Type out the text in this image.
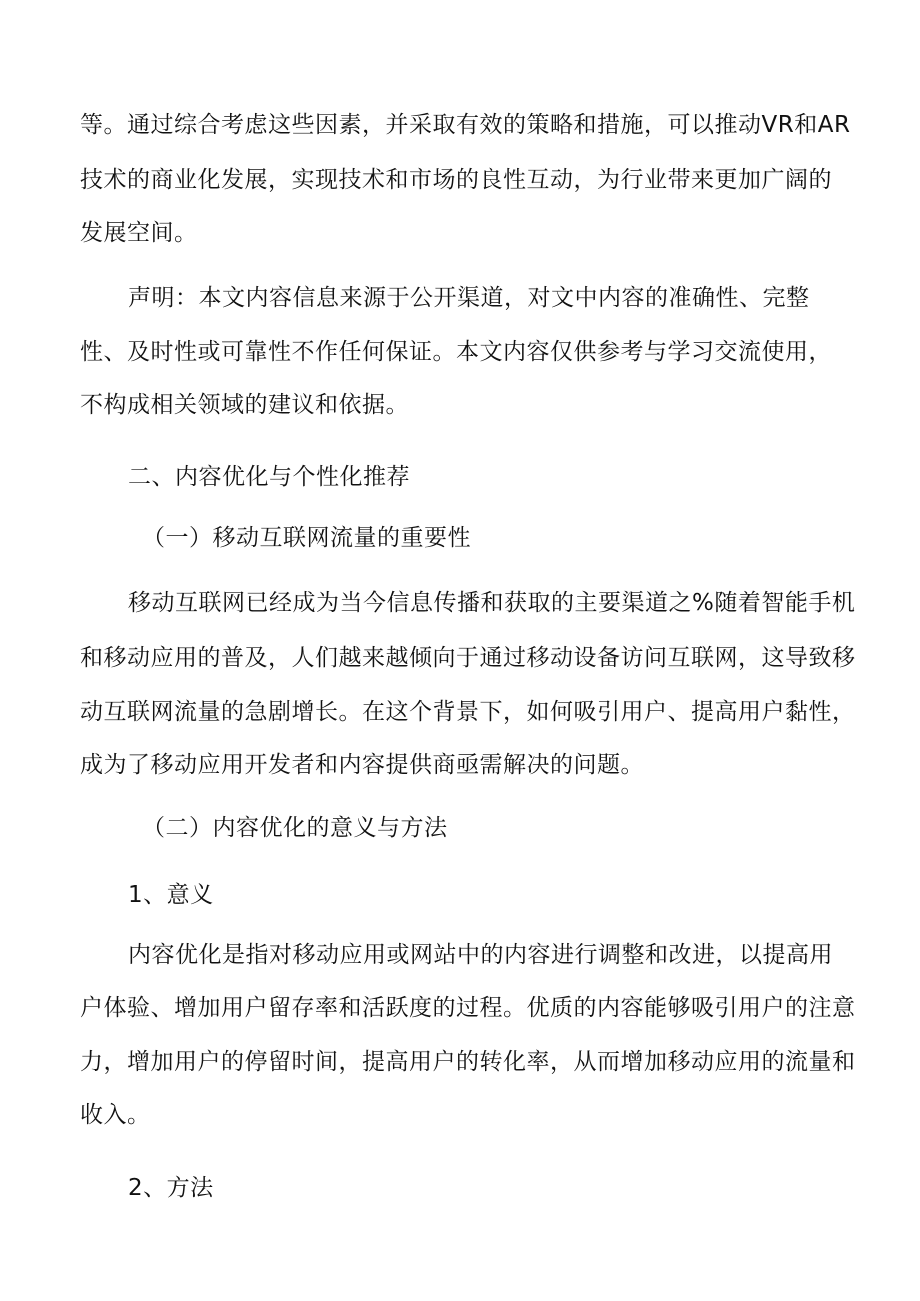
等。通过综合考虑这些因素，并采取有效的策略和措施，可以推动VR和AR
技术的商业化发展，实现技术和市场的良性互动，为行业带来更加广阔的
发展空间。
声明：本文内容信息来源于公开渠道，对文中内容的准确性、完整
性、及时性或可靠性不作任何保证。本文内容仅供参考与学习交流使用，
不构成相关领域的建议和依据。
二、内容优化与个性化推荐
（一）移动互联网流量的重要性
移动互联网已经成为当今信息传播和获取的主要渠道之%随着智能手机
和移动应用的普及，人们越来越倾向于通过移动设备访问互联网，这导致移
动互联网流量的急剧增长。在这个背景下，如何吸引用户、提高用户黏性，
成为了移动应用开发者和内容提供商亟需解决的问题。
（二）内容优化的意义与方法
1、意义
内容优化是指对移动应用或网站中的内容进行调整和改进，以提高用
户体验、增加用户留存率和活跃度的过程。优质的内容能够吸引用户的注意
力，增加用户的停留时间，提高用户的转化率，从而增加移动应用的流量和
收入。
2、方法
